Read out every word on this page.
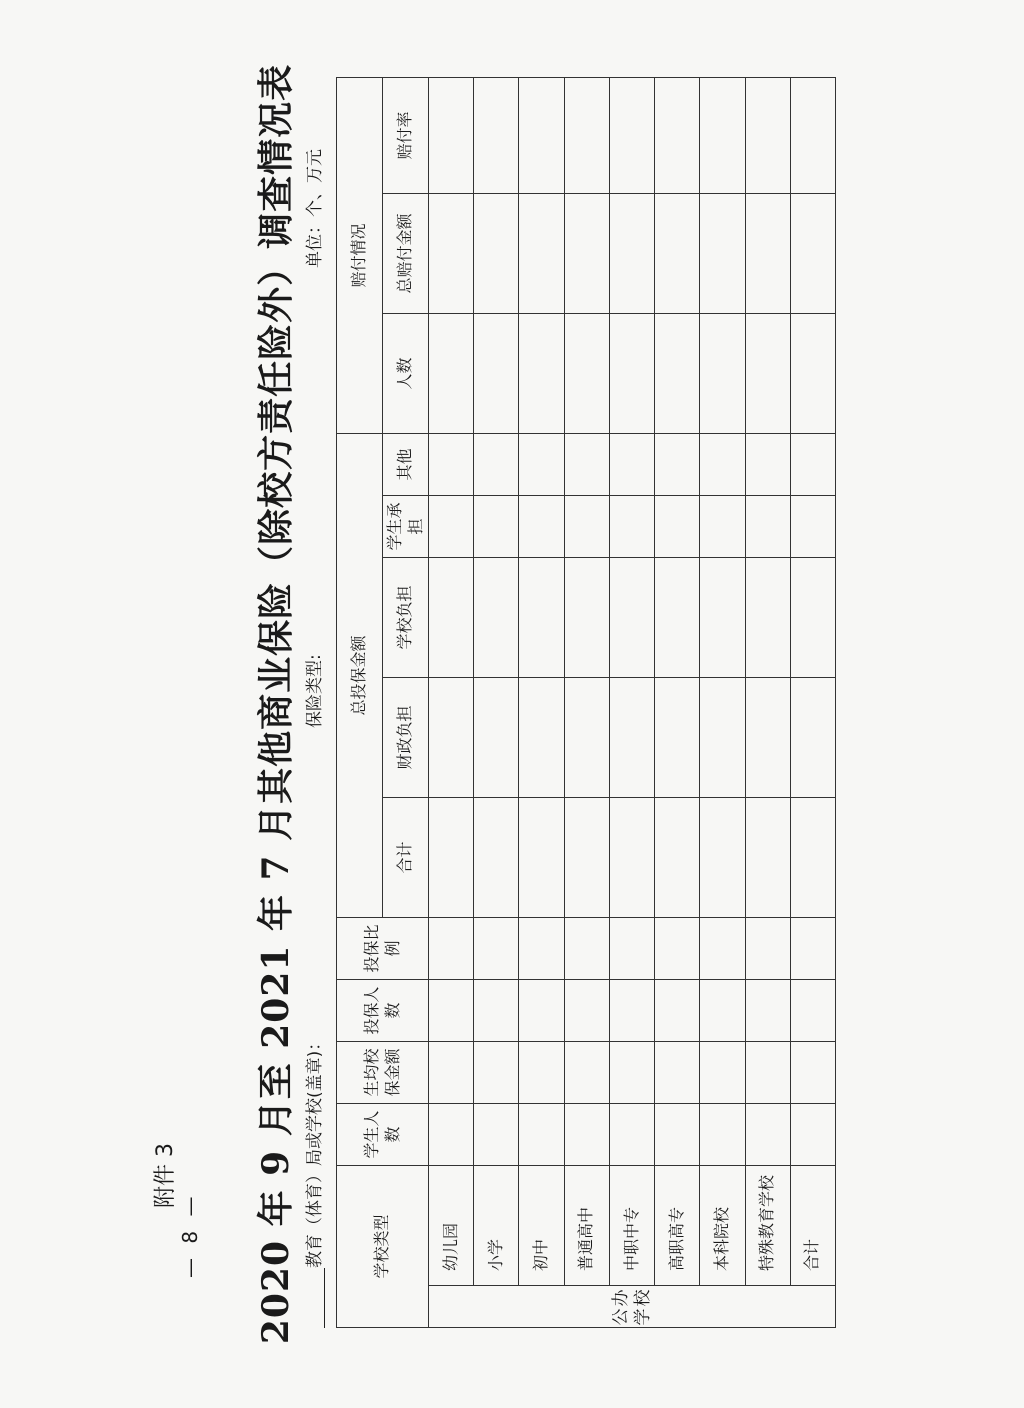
附件 3 2020 年 9 月至 2021 年 7 月其他商业保险（除校方责任险外）调查情况表 教育（体育）局或学校(盖章)：
保险类型:
单位：个、万元
学校类型		学生人数	生均校保金额	投保人数	投保比例	总投保金额					赔付情况		
						合计	财政负担	学校负担	学生承担	其他	人数	总赔付金额	赔付率
公办学校	幼儿园												
	小学												
	初中												
	普通高中												
	中职中专												
	高职高专												
	本科院校												
	特殊教育学校												
	合计												
— 8 —
